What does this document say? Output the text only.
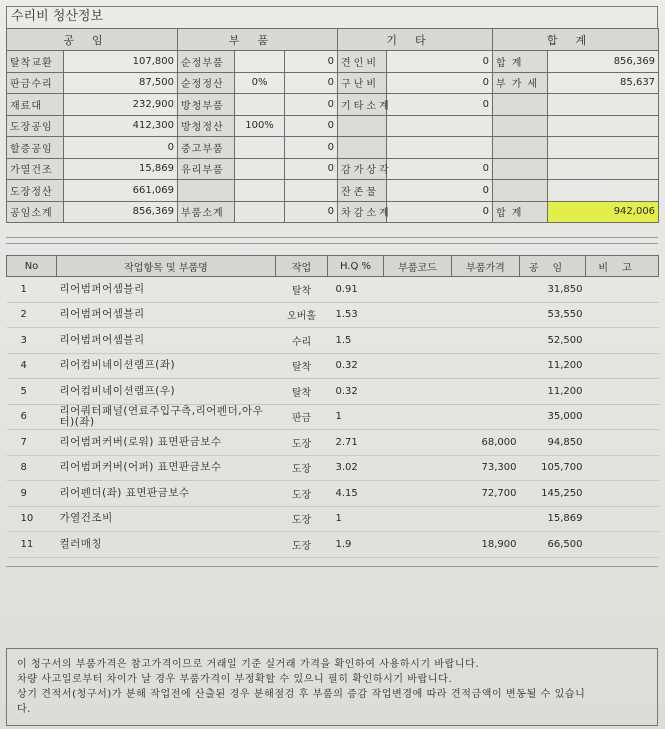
수리비 청산정보
공임		부품			기타		합계	
탈착교환	107,800	순정부품		0	견인비	0	합계	856,369
판금수리	87,500	순정정산	0%	0	구난비	0	부가세	85,637
재료대	232,900	방청부품		0	기타소계	0		
도장공임	412,300	방청정산	100%	0				
할증공임	0	중고부품		0				
가열건조	15,869	유리부품		0	감가상각	0		
도장정산	661,069				잔존물	0		
공임소계	856,369	부품소계		0	차감소계	0	합계	942,006
No	작업항목 및 부품명	작업	H.Q %	부품코드	부품가격	공임	비고
1	리어범퍼어셈블리	탈착	0.91			31,850	
2	리어범퍼어셈블리	오버홀	1.53			53,550	
3	리어범퍼어셈블리	수리	1.5			52,500	
4	리어컴비네이션램프(좌)	탈착	0.32			11,200	
5	리어컴비네이션램프(우)	탈착	0.32			11,200	
6	리어쿼터패널(연료주입구측,리어펜더,아우터)(좌)	판금	1			35,000	
7	리어범퍼커버(로워) 표면판금보수	도장	2.71		68,000	94,850	
8	리어범퍼커버(어퍼) 표면판금보수	도장	3.02		73,300	105,700	
9	리어펜더(좌) 표면판금보수	도장	4.15		72,700	145,250	
10	가열건조비	도장	1			15,869	
11	컬러매칭	도장	1.9		18,900	66,500	

이 청구서의 부품가격은 참고가격이므로 거래일 기준 실거래 가격을 확인하여 사용하시기 바랍니다.

차량 사고일로부터 차이가 날 경우 부품가격이 부정확할 수 있으니 필히 확인하시기 바랍니다.

상기 견적서(청구서)가 분해 작업전에 산출된 경우 분해점검 후 부품의 증감 작업변경에 따라 견적금액이 변동될 수 있습니

다.
